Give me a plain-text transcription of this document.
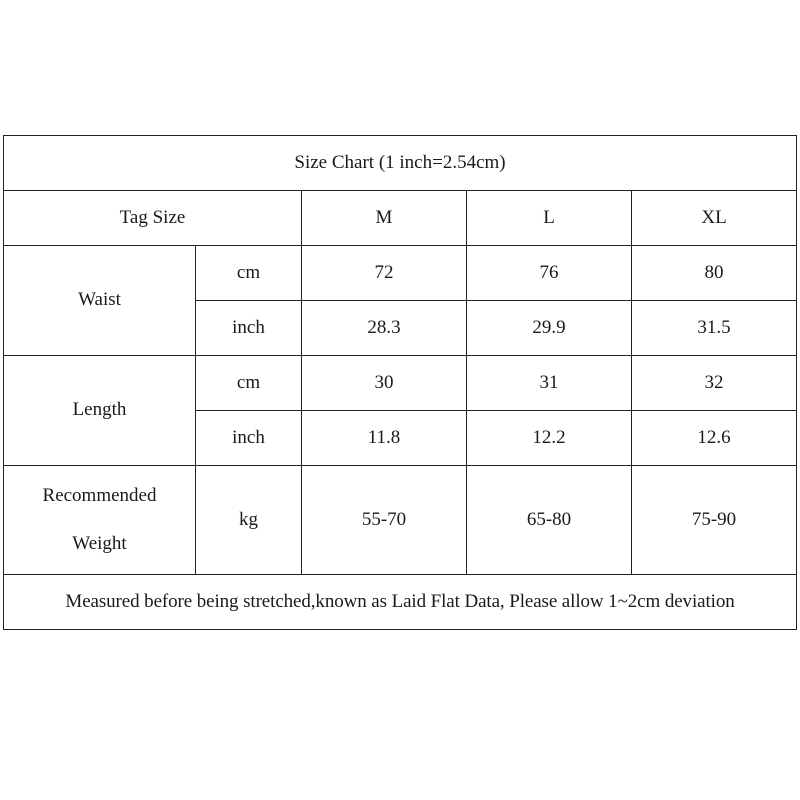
Size Chart (1 inch=2.54cm)				
Tag Size		M	L	XL
Waist	cm	72	76	80
	inch	28.3	29.9	31.5
Length	cm	30	31	32
	inch	11.8	12.2	12.6
Recommended
Weight	kg	55-70	65-80	75-90
Measured before being stretched,known as Laid Flat Data, Please allow 1~2cm deviation				
